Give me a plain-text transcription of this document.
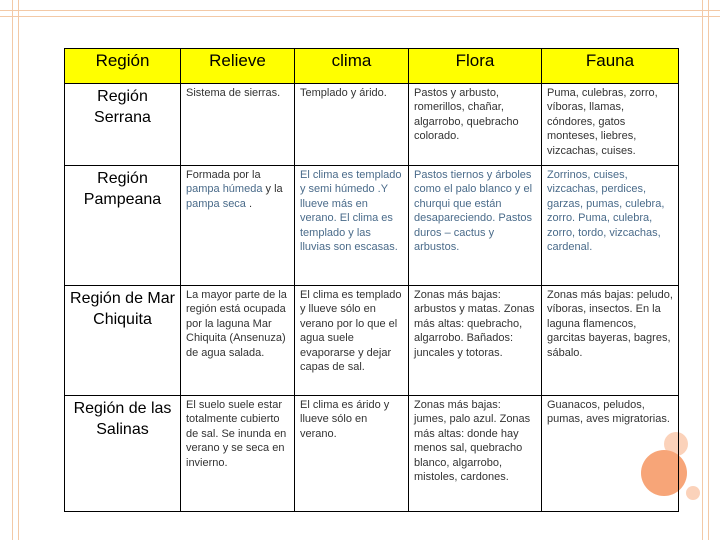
Región	Relieve	clima	Flora	Fauna
Región Serrana	Sistema de sierras.	Templado y árido.	Pastos y arbusto, romerillos, chañar, algarrobo, quebracho colorado.	Puma, culebras, zorro, víboras, llamas, cóndores, gatos monteses, liebres, vizcachas, cuises.
Región Pampeana	Formada por la pampa húmeda y la pampa seca .	El clima es templado y semi húmedo .Y llueve más en verano. El clima es templado y las lluvias son escasas.	Pastos tiernos y árboles como el palo blanco y el churqui que están desapareciendo. Pastos duros – cactus y arbustos.	Zorrinos, cuises, vizcachas, perdices, garzas, pumas, culebra, zorro. Puma, culebra, zorro, tordo, vizcachas, cardenal.
Región de Mar Chiquita	La mayor parte de la región está ocupada por la laguna Mar Chiquita (Ansenuza) de agua salada.	El clima es templado y llueve sólo en verano por lo que el agua suele evaporarse y dejar capas de sal.	Zonas más bajas: arbustos y matas. Zonas más altas: quebracho, algarrobo. Bañados: juncales y totoras.	Zonas más bajas: peludo, víboras, insectos. En la laguna flamencos, garcitas bayeras, bagres, sábalo.
Región de las Salinas	El suelo suele estar totalmente cubierto de sal. Se inunda en verano y se seca en invierno.	El clima es árido y llueve sólo en verano.	Zonas más bajas: jumes, palo azul. Zonas más altas: donde hay menos sal, quebracho blanco, algarrobo, mistoles, cardones.	Guanacos, peludos, pumas, aves migratorias.
